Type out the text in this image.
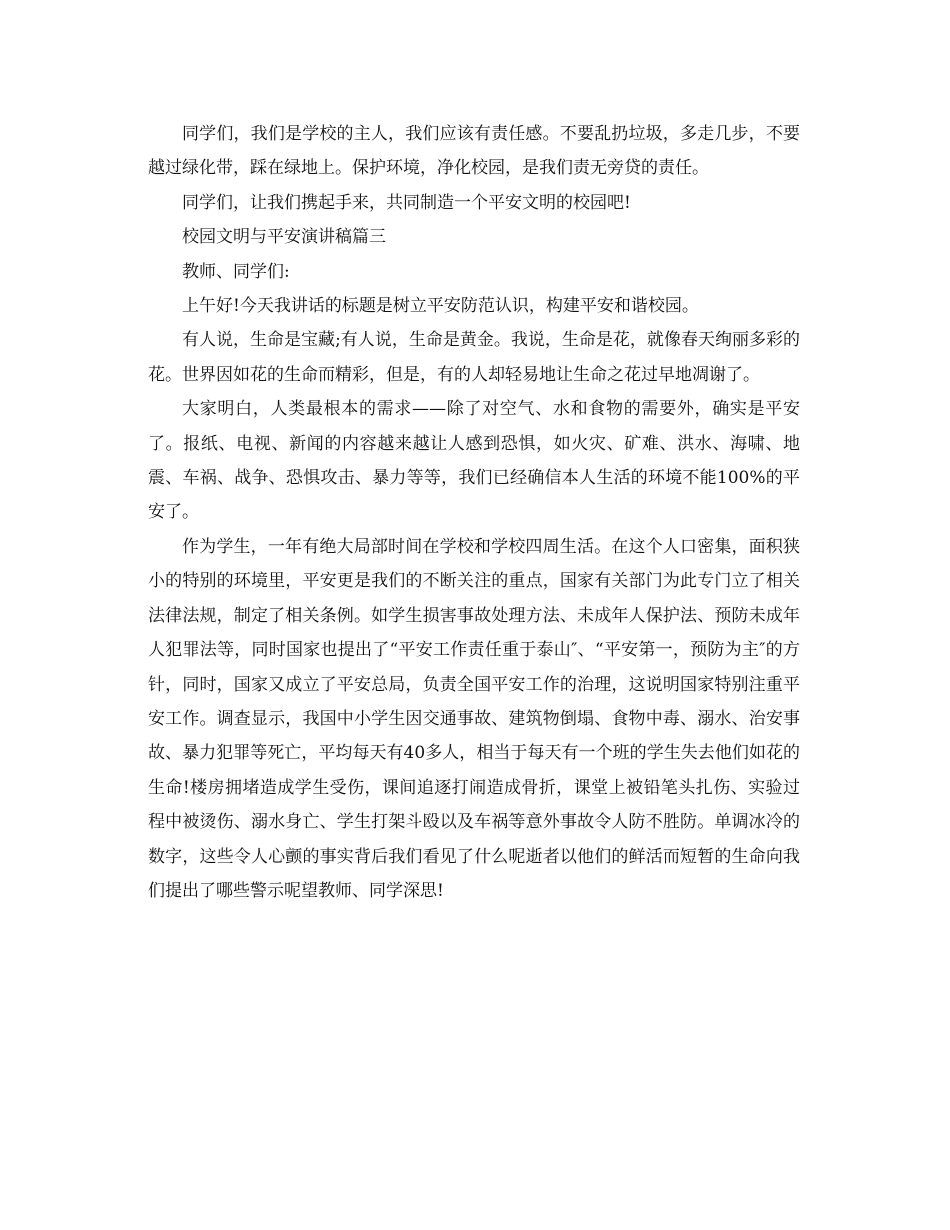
同学们，我们是学校的主人，我们应该有责任感。不要乱扔垃圾，多走几步，不要越过绿化带，踩在绿地上。保护环境，净化校园，是我们责无旁贷的责任。

同学们，让我们携起手来，共同制造一个平安文明的校园吧!

校园文明与平安演讲稿篇三

教师、同学们:

上午好!今天我讲话的标题是树立平安防范认识，构建平安和谐校园。

有人说，生命是宝藏;有人说，生命是黄金。我说，生命是花，就像春天绚丽多彩的花。世界因如花的生命而精彩，但是，有的人却轻易地让生命之花过早地凋谢了。

大家明白，人类最根本的需求——除了对空气、水和食物的需要外，确实是平安了。报纸、电视、新闻的内容越来越让人感到恐惧，如火灾、矿难、洪水、海啸、地震、车祸、战争、恐惧攻击、暴力等等，我们已经确信本人生活的环境不能100%的平安了。

作为学生，一年有绝大局部时间在学校和学校四周生活。在这个人口密集，面积狭小的特别的环境里，平安更是我们的不断关注的重点，国家有关部门为此专门立了相关法律法规，制定了相关条例。如学生损害事故处理方法、未成年人保护法、预防未成年人犯罪法等，同时国家也提出了“平安工作责任重于泰山″、“平安第一，预防为主″的方针，同时，国家又成立了平安总局，负责全国平安工作的治理，这说明国家特别注重平安工作。调查显示，我国中小学生因交通事故、建筑物倒塌、食物中毒、溺水、治安事故、暴力犯罪等死亡，平均每天有40多人，相当于每天有一个班的学生失去他们如花的生命!楼房拥堵造成学生受伤，课间追逐打闹造成骨折，课堂上被铅笔头扎伤、实验过程中被烫伤、溺水身亡、学生打架斗殴以及车祸等意外事故令人防不胜防。单调冰冷的数字，这些令人心颤的事实背后我们看见了什么呢逝者以他们的鲜活而短暂的生命向我们提出了哪些警示呢望教师、同学深思!
